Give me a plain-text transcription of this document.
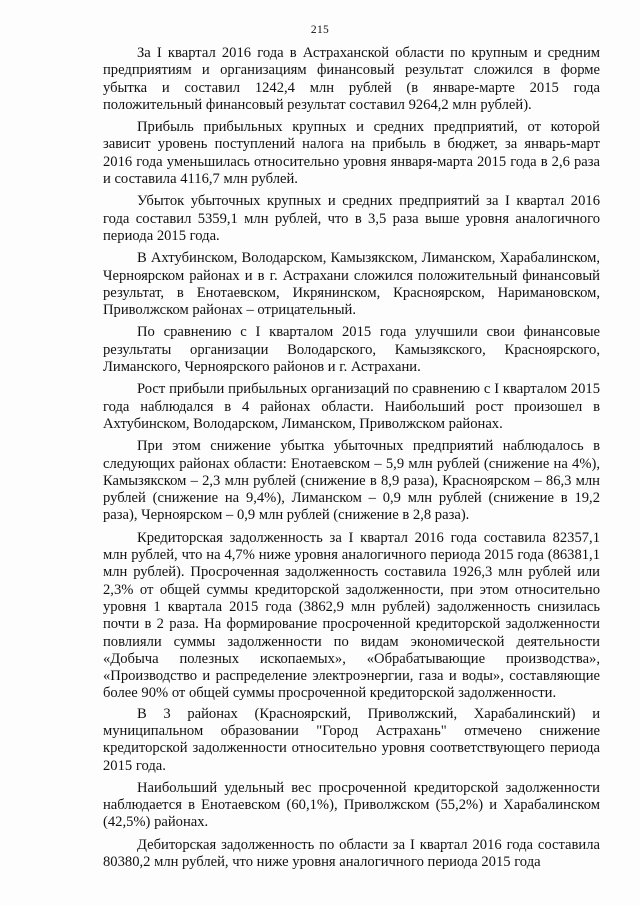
215

За I квартал 2016 года в Астраханской области по крупным и средним предприятиям и организациям финансовый результат сложился в форме убытка и составил 1242,4 млн рублей (в январе-марте 2015 года положительный финансовый результат составил 9264,2 млн рублей).

Прибыль прибыльных крупных и средних предприятий, от которой зависит уровень поступлений налога на прибыль в бюджет, за январь-март 2016 года уменьшилась относительно уровня января-марта 2015 года в 2,6 раза и составила 4116,7 млн рублей.

Убыток убыточных крупных и средних предприятий за I квартал 2016 года составил 5359,1 млн рублей, что в 3,5 раза выше уровня аналогичного периода 2015 года.

В Ахтубинском, Володарском, Камызякском, Лиманском, Харабалинском, Черноярском районах и в г. Астрахани сложился положительный финансовый результат, в Енотаевском, Икрянинском, Красноярском, Наримановском, Приволжском районах – отрицательный.

По сравнению с I кварталом 2015 года улучшили свои финансовые результаты организации Володарского, Камызякского, Красноярского, Лиманского, Черноярского районов и г. Астрахани.

Рост прибыли прибыльных организаций по сравнению с I кварталом 2015 года наблюдался в 4 районах области. Наибольший рост произошел в Ахтубинском, Володарском, Лиманском, Приволжском районах.

При этом снижение убытка убыточных предприятий наблюдалось в следующих районах области: Енотаевском – 5,9 млн рублей (снижение на 4%), Камызякском – 2,3 млн рублей (снижение в 8,9 раза), Красноярском – 86,3 млн рублей (снижение на 9,4%), Лиманском – 0,9 млн рублей (снижение в 19,2 раза), Черноярском – 0,9 млн рублей (снижение в 2,8 раза).

Кредиторская задолженность за I квартал 2016 года составила 82357,1 млн рублей, что на 4,7% ниже уровня аналогичного периода 2015 года (86381,1 млн рублей). Просроченная задолженность составила 1926,3 млн рублей или 2,3% от общей суммы кредиторской задолженности, при этом относительно уровня 1 квартала 2015 года (3862,9 млн рублей) задолженность снизилась почти в 2 раза. На формирование просроченной кредиторской задолженности повлияли суммы задолженности по видам экономической деятельности «Добыча полезных ископаемых», «Обрабатывающие производства», «Производство и распределение электроэнергии, газа и воды», составляющие более 90% от общей суммы просроченной кредиторской задолженности.

В 3 районах (Красноярский, Приволжский, Харабалинский) и муниципальном образовании "Город Астрахань" отмечено снижение кредиторской задолженности относительно уровня соответствующего периода 2015 года.

Наибольший удельный вес просроченной кредиторской задолженности наблюдается в Енотаевском (60,1%), Приволжском (55,2%) и Харабалинском (42,5%) районах.

Дебиторская задолженность по области за I квартал 2016 года составила 80380,2 млн рублей, что ниже уровня аналогичного периода 2015 года
